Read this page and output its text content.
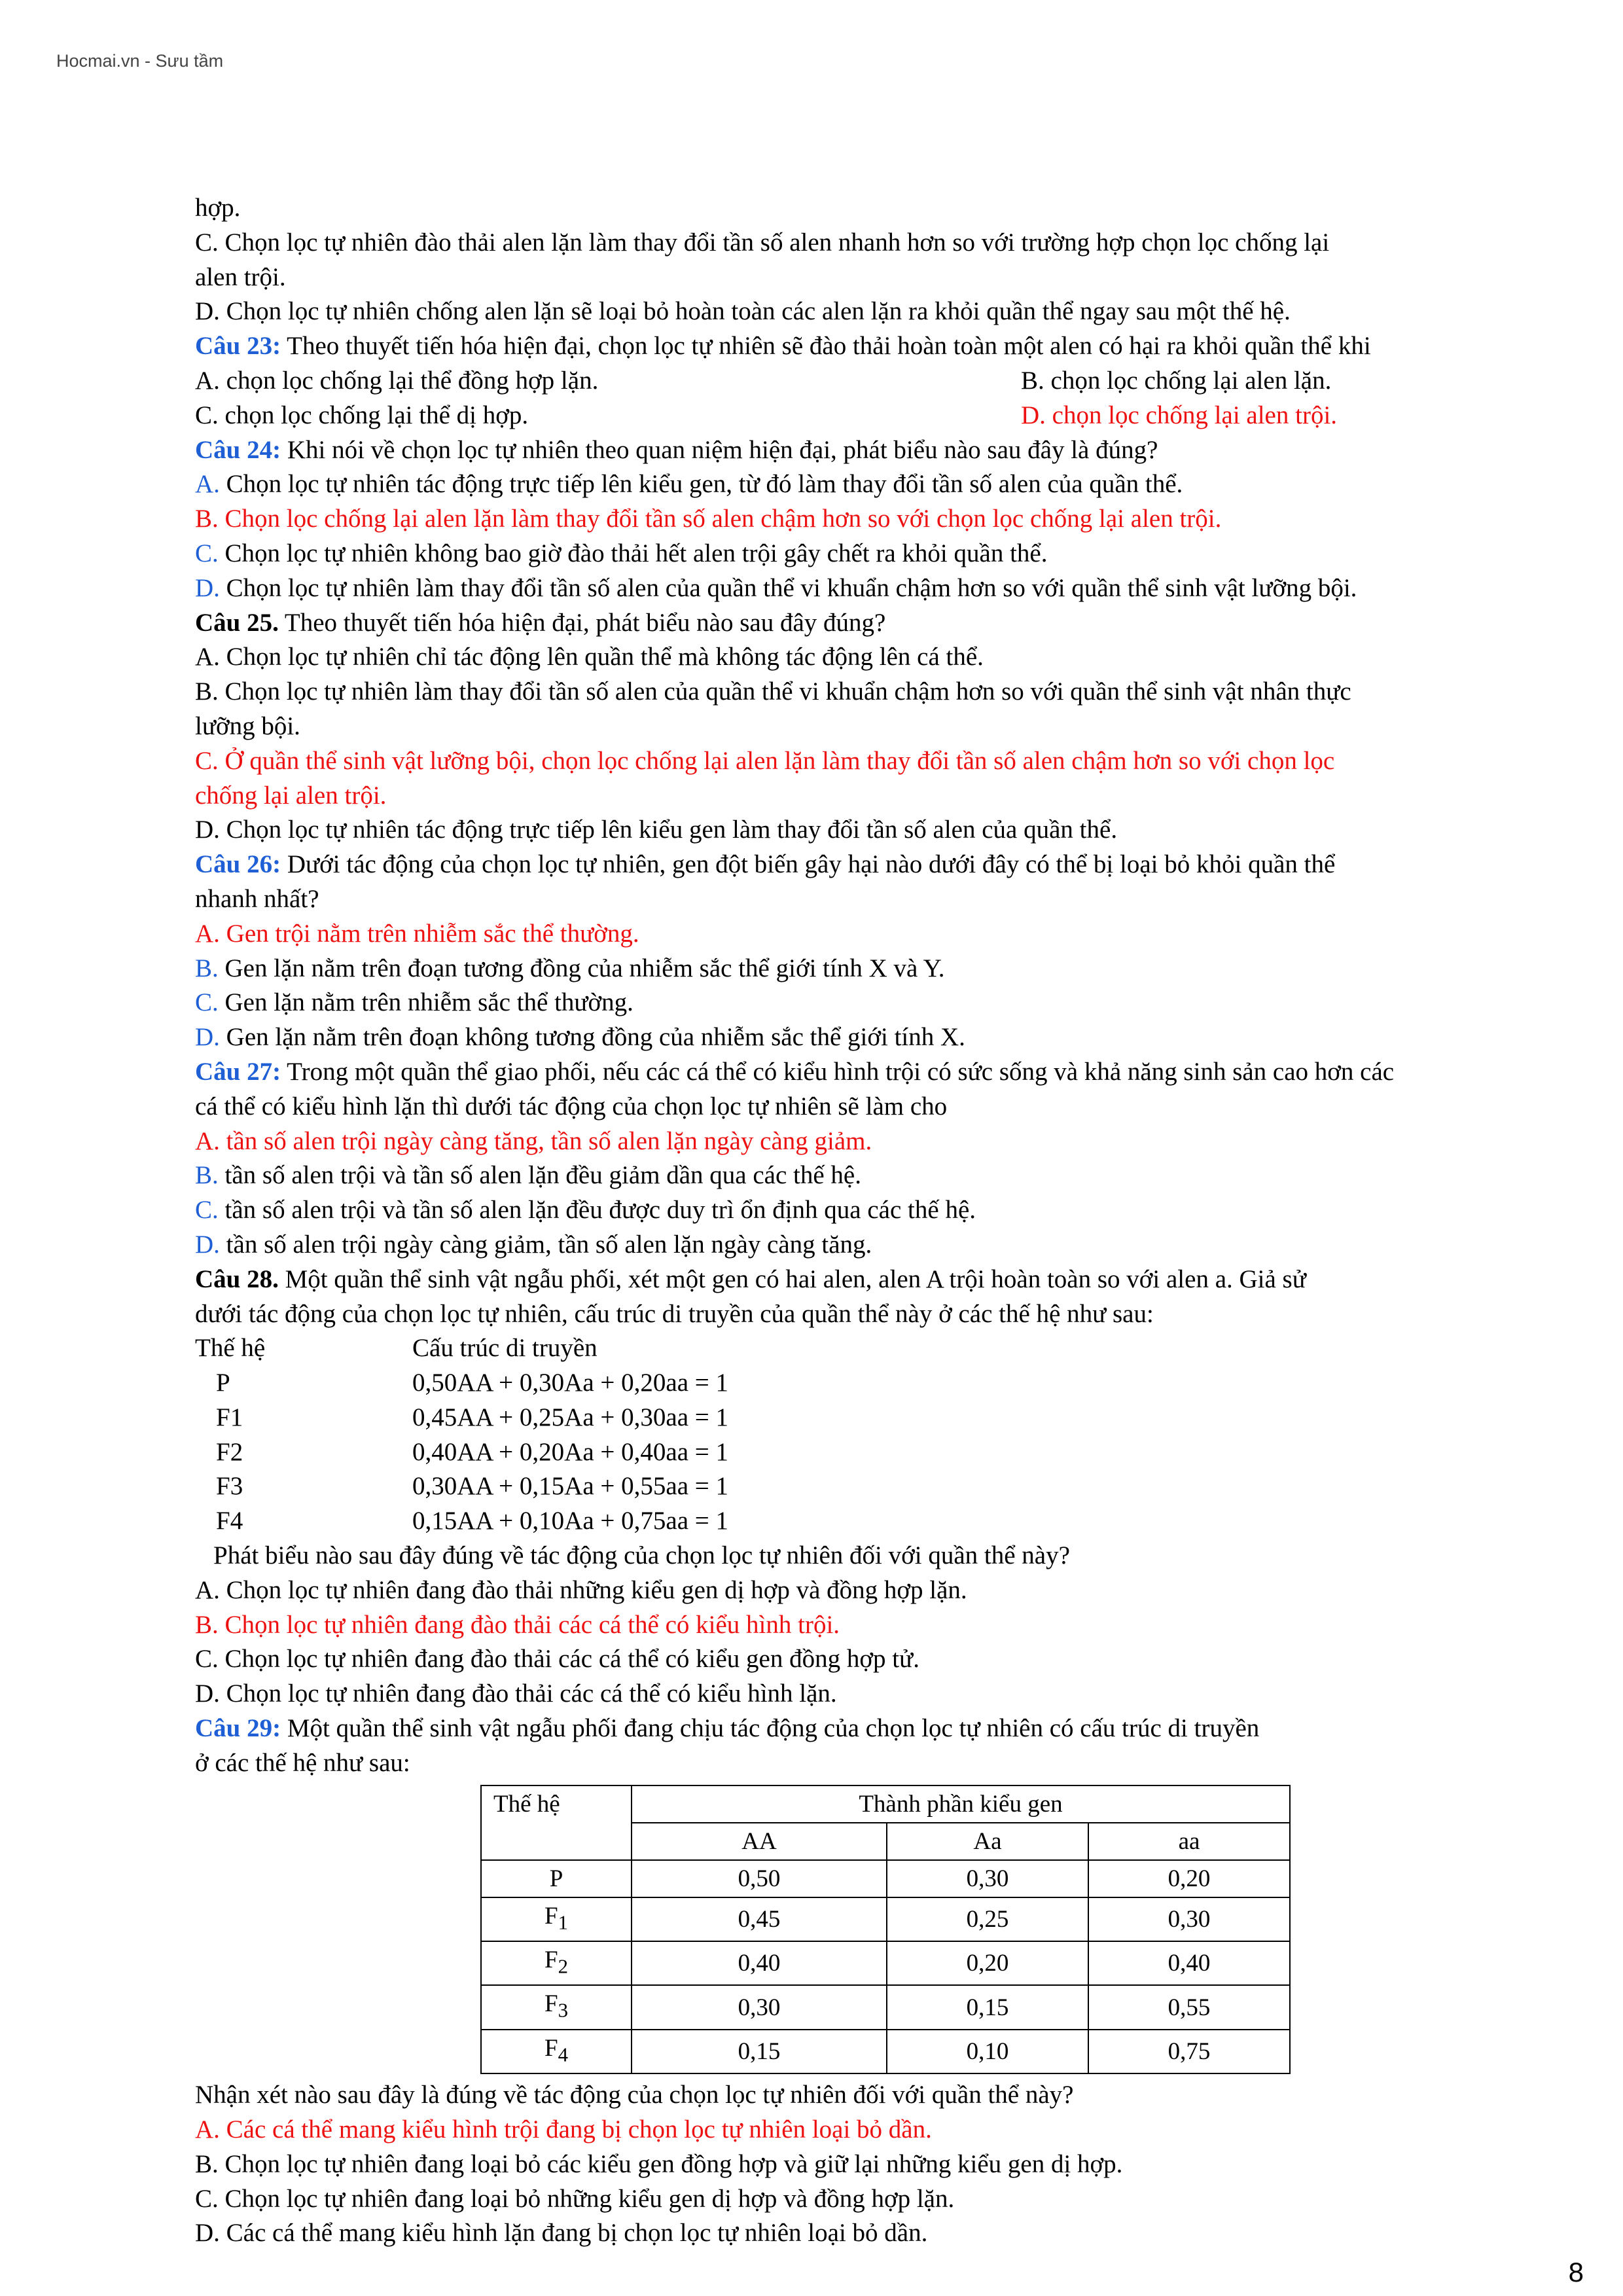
Hocmai.vn - Sưu tầm

hợp.

C. Chọn lọc tự nhiên đào thải alen lặn làm thay đổi tần số alen nhanh hơn so với trường hợp chọn lọc chống lại

alen trội.

D. Chọn lọc tự nhiên chống alen lặn sẽ loại bỏ hoàn toàn các alen lặn ra khỏi quần thể ngay sau một thế hệ.

Câu 23: Theo thuyết tiến hóa hiện đại, chọn lọc tự nhiên sẽ đào thải hoàn toàn một alen có hại ra khỏi quần thể khi

A. chọn lọc chống lại thể đồng hợp lặn.	B. chọn lọc chống lại alen lặn.
C. chọn lọc chống lại thể dị hợp.	D. chọn lọc chống lại alen trội.

Câu 24: Khi nói về chọn lọc tự nhiên theo quan niệm hiện đại, phát biểu nào sau đây là đúng?

A. Chọn lọc tự nhiên tác động trực tiếp lên kiểu gen, từ đó làm thay đổi tần số alen của quần thể.

B. Chọn lọc chống lại alen lặn làm thay đổi tần số alen chậm hơn so với chọn lọc chống lại alen trội.

C. Chọn lọc tự nhiên không bao giờ đào thải hết alen trội gây chết ra khỏi quần thể.

D. Chọn lọc tự nhiên làm thay đổi tần số alen của quần thể vi khuẩn chậm hơn so với quần thể sinh vật lưỡng bội.

Câu 25. Theo thuyết tiến hóa hiện đại, phát biểu nào sau đây đúng?

A. Chọn lọc tự nhiên chỉ tác động lên quần thể mà không tác động lên cá thể.

B. Chọn lọc tự nhiên làm thay đổi tần số alen của quần thể vi khuẩn chậm hơn so với quần thể sinh vật nhân thực

lưỡng bội.

C. Ở quần thể sinh vật lưỡng bội, chọn lọc chống lại alen lặn làm thay đổi tần số alen chậm hơn so với chọn lọc

chống lại alen trội.

D. Chọn lọc tự nhiên tác động trực tiếp lên kiểu gen làm thay đổi tần số alen của quần thể.

Câu 26: Dưới tác động của chọn lọc tự nhiên, gen đột biến gây hại nào dưới đây có thể bị loại bỏ khỏi quần thể

nhanh nhất?

A. Gen trội nằm trên nhiễm sắc thể thường.

B. Gen lặn nằm trên đoạn tương đồng của nhiễm sắc thể giới tính X và Y.

C. Gen lặn nằm trên nhiễm sắc thể thường.

D. Gen lặn nằm trên đoạn không tương đồng của nhiễm sắc thể giới tính X.

Câu 27: Trong một quần thể giao phối, nếu các cá thể có kiểu hình trội có sức sống và khả năng sinh sản cao hơn các

cá thể có kiểu hình lặn thì dưới tác động của chọn lọc tự nhiên sẽ làm cho

A. tần số alen trội ngày càng tăng, tần số alen lặn ngày càng giảm.

B. tần số alen trội và tần số alen lặn đều giảm dần qua các thế hệ.

C. tần số alen trội và tần số alen lặn đều được duy trì ổn định qua các thế hệ.

D. tần số alen trội ngày càng giảm, tần số alen lặn ngày càng tăng.

Câu 28. Một quần thể sinh vật ngẫu phối, xét một gen có hai alen, alen A trội hoàn toàn so với alen a. Giả sử

dưới tác động của chọn lọc tự nhiên, cấu trúc di truyền của quần thể này ở các thế hệ như sau:

Thế hệ	Cấu trúc di truyền
P	0,50AA + 0,30Aa + 0,20aa = 1
F1	0,45AA + 0,25Aa + 0,30aa = 1
F2	0,40AA + 0,20Aa + 0,40aa = 1
F3	0,30AA + 0,15Aa + 0,55aa = 1
F4	0,15AA + 0,10Aa + 0,75aa = 1

Phát biểu nào sau đây đúng về tác động của chọn lọc tự nhiên đối với quần thể này?

A. Chọn lọc tự nhiên đang đào thải những kiểu gen dị hợp và đồng hợp lặn.

B. Chọn lọc tự nhiên đang đào thải các cá thể có kiểu hình trội.

C. Chọn lọc tự nhiên đang đào thải các cá thể có kiểu gen đồng hợp tử.

D. Chọn lọc tự nhiên đang đào thải các cá thể có kiểu hình lặn.

Câu 29: Một quần thể sinh vật ngẫu phối đang chịu tác động của chọn lọc tự nhiên có cấu trúc di truyền

ở các thế hệ như sau:

Thế hệ	Thành phần kiểu gen		
	AA	Aa	aa
P	0,50	0,30	0,20
$F_1$	0,45	0,25	0,30
$F_2$	0,40	0,20	0,40
$F_3$	0,30	0,15	0,55
$F_4$	0,15	0,10	0,75

Nhận xét nào sau đây là đúng về tác động của chọn lọc tự nhiên đối với quần thể này?

A. Các cá thể mang kiểu hình trội đang bị chọn lọc tự nhiên loại bỏ dần.

B. Chọn lọc tự nhiên đang loại bỏ các kiểu gen đồng hợp và giữ lại những kiểu gen dị hợp.

C. Chọn lọc tự nhiên đang loại bỏ những kiểu gen dị hợp và đồng hợp lặn.

D. Các cá thể mang kiểu hình lặn đang bị chọn lọc tự nhiên loại bỏ dần.

8
